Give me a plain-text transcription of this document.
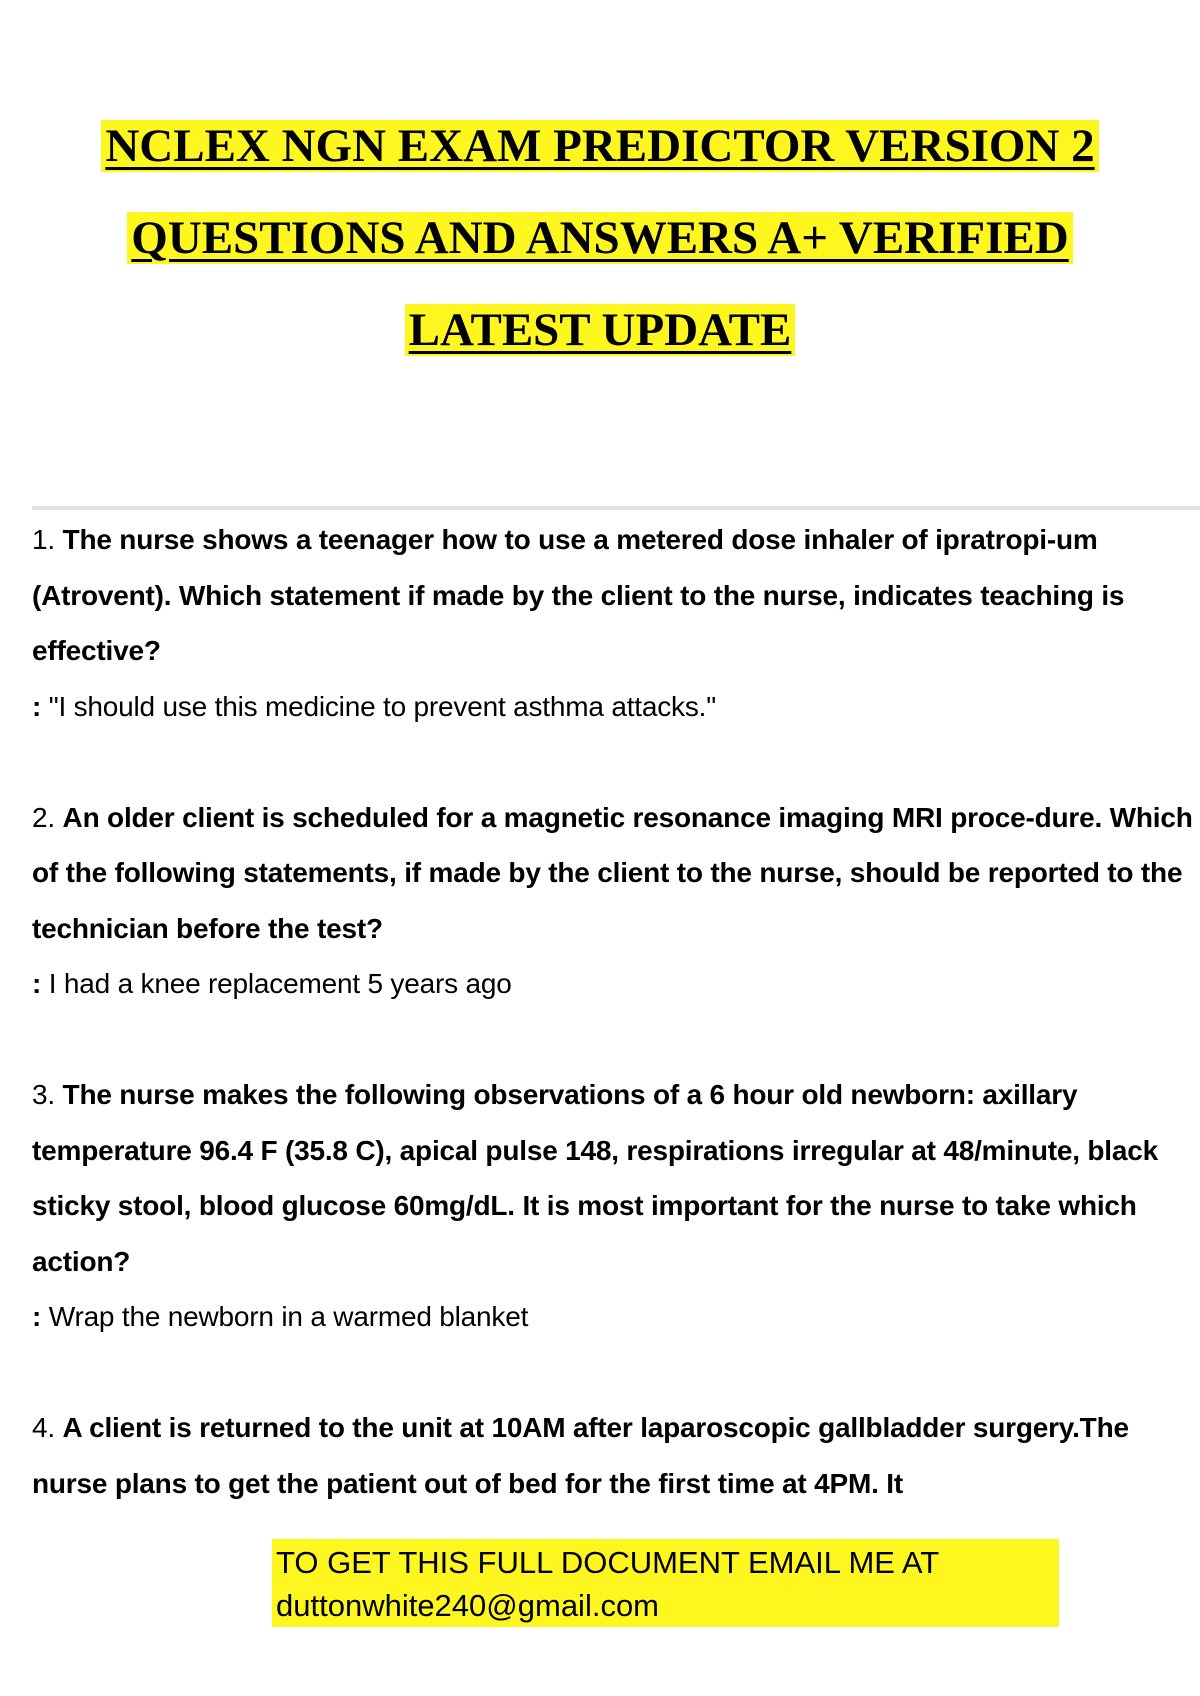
NCLEX NGN EXAM PREDICTOR VERSION 2
QUESTIONS AND ANSWERS A+ VERIFIED
LATEST UPDATE
1. The nurse shows a teenager how to use a metered dose inhaler of ipratropi-um (Atrovent). Which statement if made by the client to the nurse, indicates teaching is effective?
: "I should use this medicine to prevent asthma attacks."
2. An older client is scheduled for a magnetic resonance imaging MRI proce-dure. Which of the following statements, if made by the client to the nurse, should be reported to the technician before the test?
: I had a knee replacement 5 years ago
3. The nurse makes the following observations of a 6 hour old newborn: axillary temperature 96.4 F (35.8 C), apical pulse 148, respirations irregular at 48/minute, black sticky stool, blood glucose 60mg/dL. It is most important for the nurse to take which action?
: Wrap the newborn in a warmed blanket
4. A client is returned to the unit at 10AM after laparoscopic gallbladder surgery.The nurse plans to get the patient out of bed for the first time at 4PM. It
TO GET THIS FULL DOCUMENT EMAIL ME AT
duttonwhite240@gmail.com
